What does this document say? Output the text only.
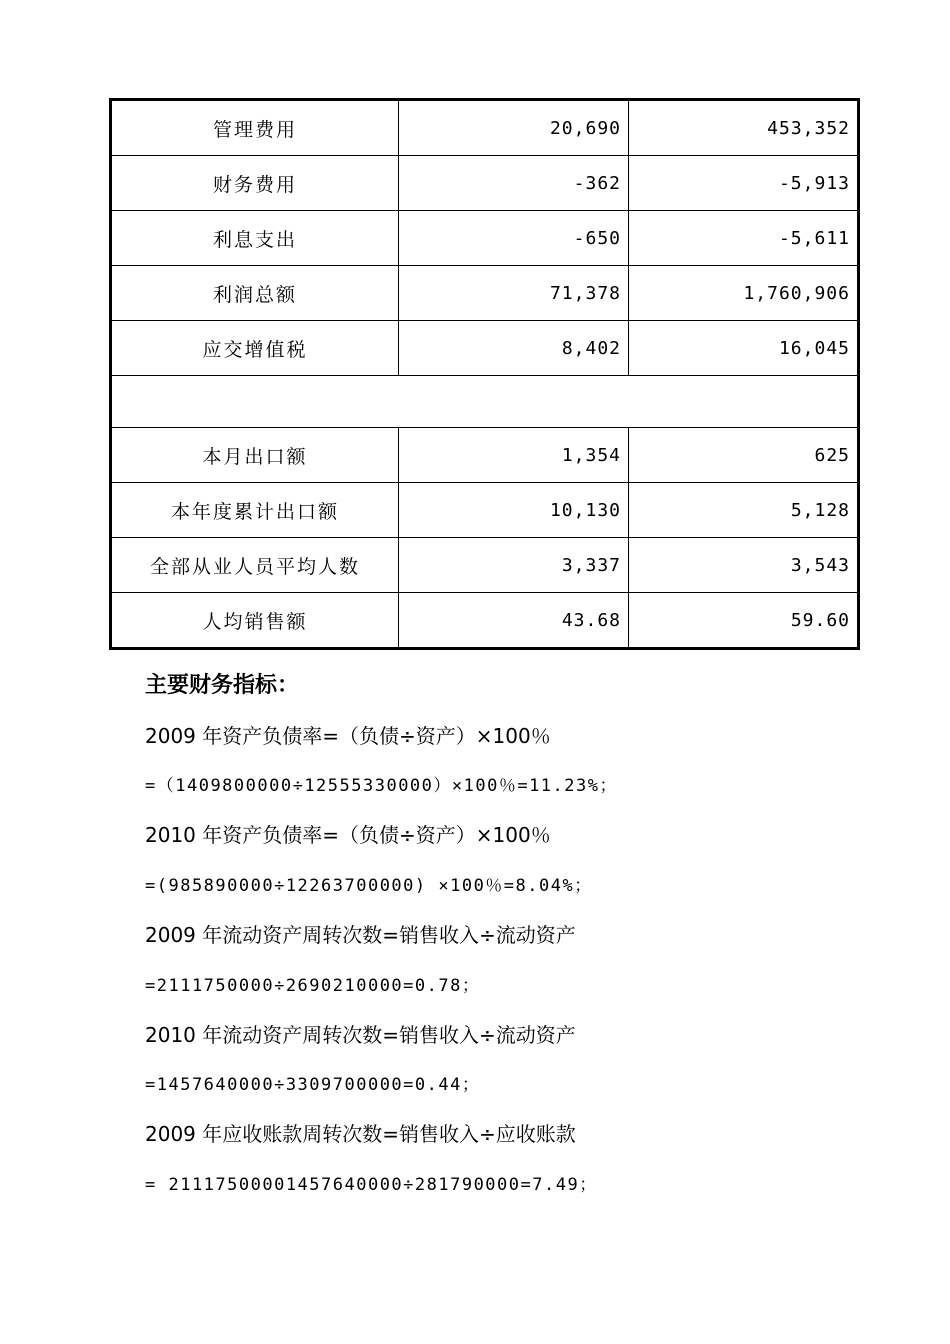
管理费用	20,690	453,352
财务费用	-362	-5,913
利息支出	-650	-5,611
利润总额	71,378	1,760,906
应交增值税	8,402	16,045

本月出口额	1,354	625
本年度累计出口额	10,130	5,128
全部从业人员平均人数	3,337	3,543
人均销售额	43.68	59.60
主要财务指标：
2009 年资产负债率=（负债÷资产）×100％
=（1409800000÷12555330000）×100％=11.23%；
2010 年资产负债率=（负债÷资产）×100％
=(985890000÷12263700000) ×100％=8.04%；
2009 年流动资产周转次数=销售收入÷流动资产
=2111750000÷2690210000=0.78；
2010 年流动资产周转次数=销售收入÷流动资产
=1457640000÷3309700000=0.44；
2009 年应收账款周转次数=销售收入÷应收账款
= 21117500001457640000÷281790000=7.49；
